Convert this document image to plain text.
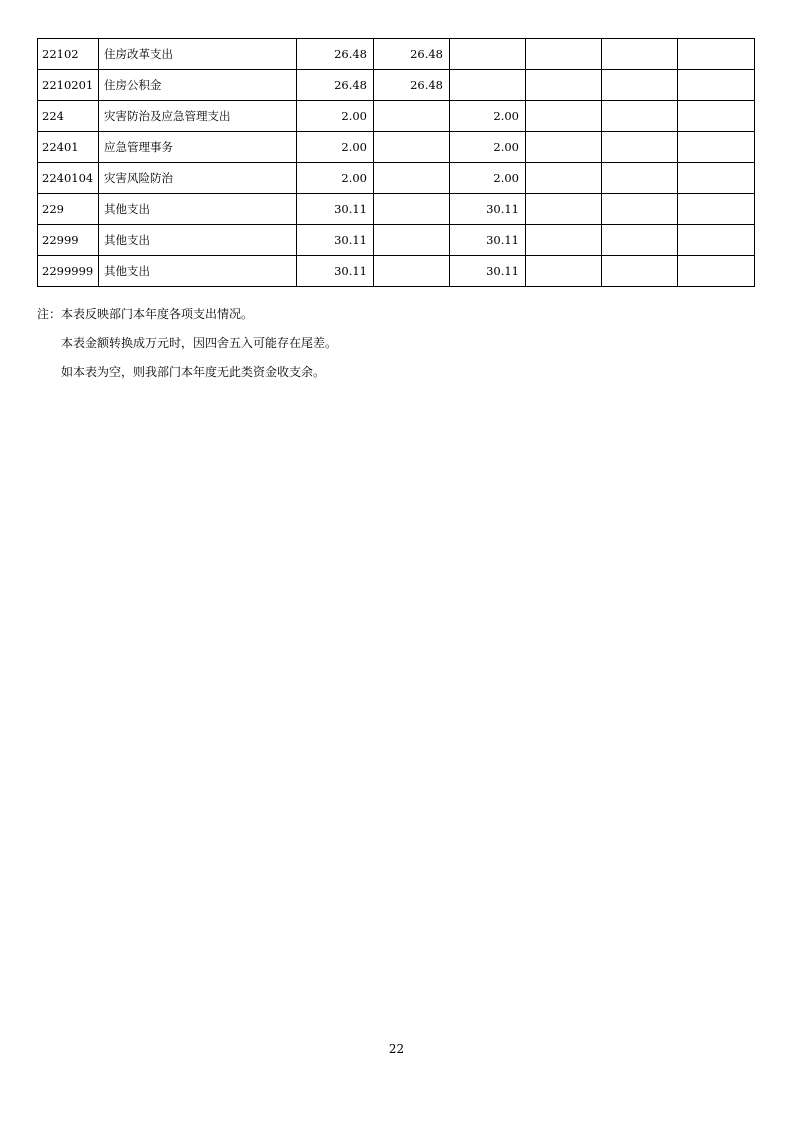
22102	住房改革支出	26.48	26.48				
2210201	住房公积金	26.48	26.48				
224	灾害防治及应急管理支出	2.00		2.00			
22401	应急管理事务	2.00		2.00			
2240104	灾害风险防治	2.00		2.00			
229	其他支出	30.11		30.11			
22999	其他支出	30.11		30.11			
2299999	其他支出	30.11		30.11			

注：本表反映部门本年度各项支出情况。

本表金额转换成万元时，因四舍五入可能存在尾差。

如本表为空，则我部门本年度无此类资金收支余。

22
